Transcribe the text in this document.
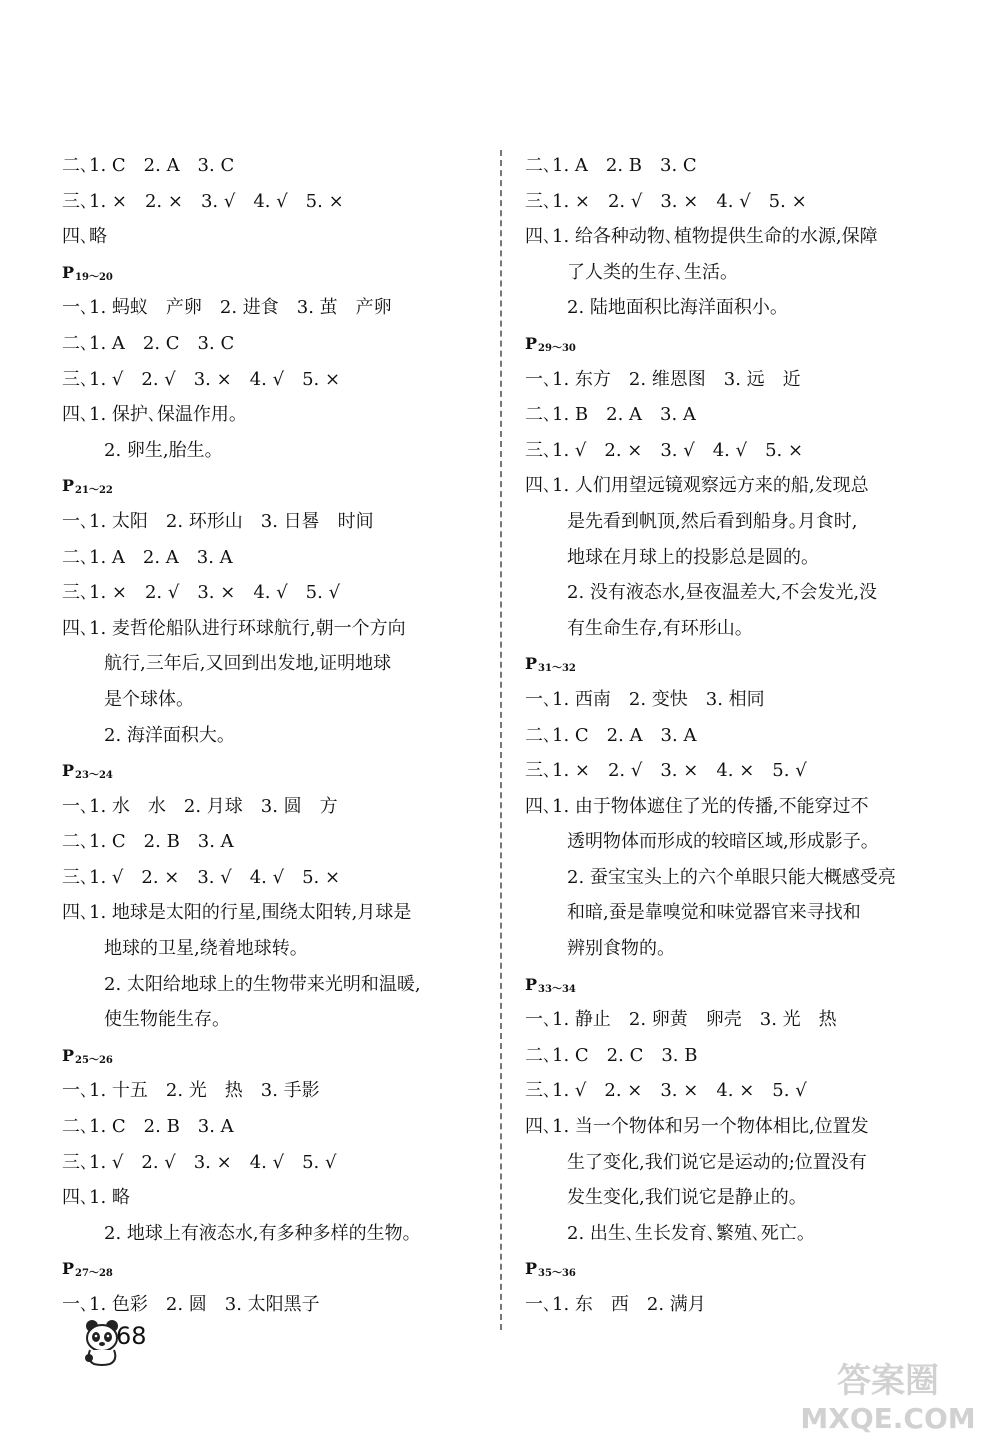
二､1. C　2. A　3. C
三､1. ×　2. ×　3. √　4. √　5. ×
四､略
P 19～20
一､1. 蚂蚁　产卵　2. 进食　3. 茧　产卵
二､1. A　2. C　3. C
三､1. √　2. √　3. ×　4. √　5. ×
四､1. 保护､保温作用｡
2. 卵生,胎生｡
P 21～22
一､1. 太阳　2. 环形山　3. 日晷　时间
二､1. A　2. A　3. A
三､1. ×　2. √　3. ×　4. √　5. √
四､1. 麦哲伦船队进行环球航行,朝一个方向
航行,三年后,又回到出发地,证明地球
是个球体｡
2. 海洋面积大｡
P 23～24
一､1. 水　水　2. 月球　3. 圆　方
二､1. C　2. B　3. A
三､1. √　2. ×　3. √　4. √　5. ×
四､1. 地球是太阳的行星,围绕太阳转,月球是
地球的卫星,绕着地球转｡
2. 太阳给地球上的生物带来光明和温暖,
使生物能生存｡
P 25～26
一､1. 十五　2. 光　热　3. 手影
二､1. C　2. B　3. A
三､1. √　2. √　3. ×　4. √　5. √
四､1. 略
2. 地球上有液态水,有多种多样的生物｡
P 27～28
一､1. 色彩　2. 圆　3. 太阳黑子
二､1. A　2. B　3. C
三､1. ×　2. √　3. ×　4. √　5. ×
四､1. 给各种动物､植物提供生命的水源,保障
了人类的生存､生活｡
2. 陆地面积比海洋面积小｡
P 29～30
一､1. 东方　2. 维恩图　3. 远　近
二､1. B　2. A　3. A
三､1. √　2. ×　3. √　4. √　5. ×
四､1. 人们用望远镜观察远方来的船,发现总
是先看到帆顶,然后看到船身｡月食时,
地球在月球上的投影总是圆的｡
2. 没有液态水,昼夜温差大,不会发光,没
有生命生存,有环形山｡
P 31～32
一､1. 西南　2. 变快　3. 相同
二､1. C　2. A　3. A
三､1. ×　2. √　3. ×　4. ×　5. √
四､1. 由于物体遮住了光的传播,不能穿过不
透明物体而形成的较暗区域,形成影子｡
2. 蚕宝宝头上的六个单眼只能大概感受亮
和暗,蚕是靠嗅觉和味觉器官来寻找和
辨别食物的｡
P 33～34
一､1. 静止　2. 卵黄　卵壳　3. 光　热
二､1. C　2. C　3. B
三､1. √　2. ×　3. ×　4. ×　5. √
四､1. 当一个物体和另一个物体相比,位置发
生了变化,我们说它是运动的;位置没有
发生变化,我们说它是静止的｡
2. 出生､生长发育､繁殖､死亡｡
P 35～36
一､1. 东　西　2. 满月
68
答案圈
MXQE.COM
